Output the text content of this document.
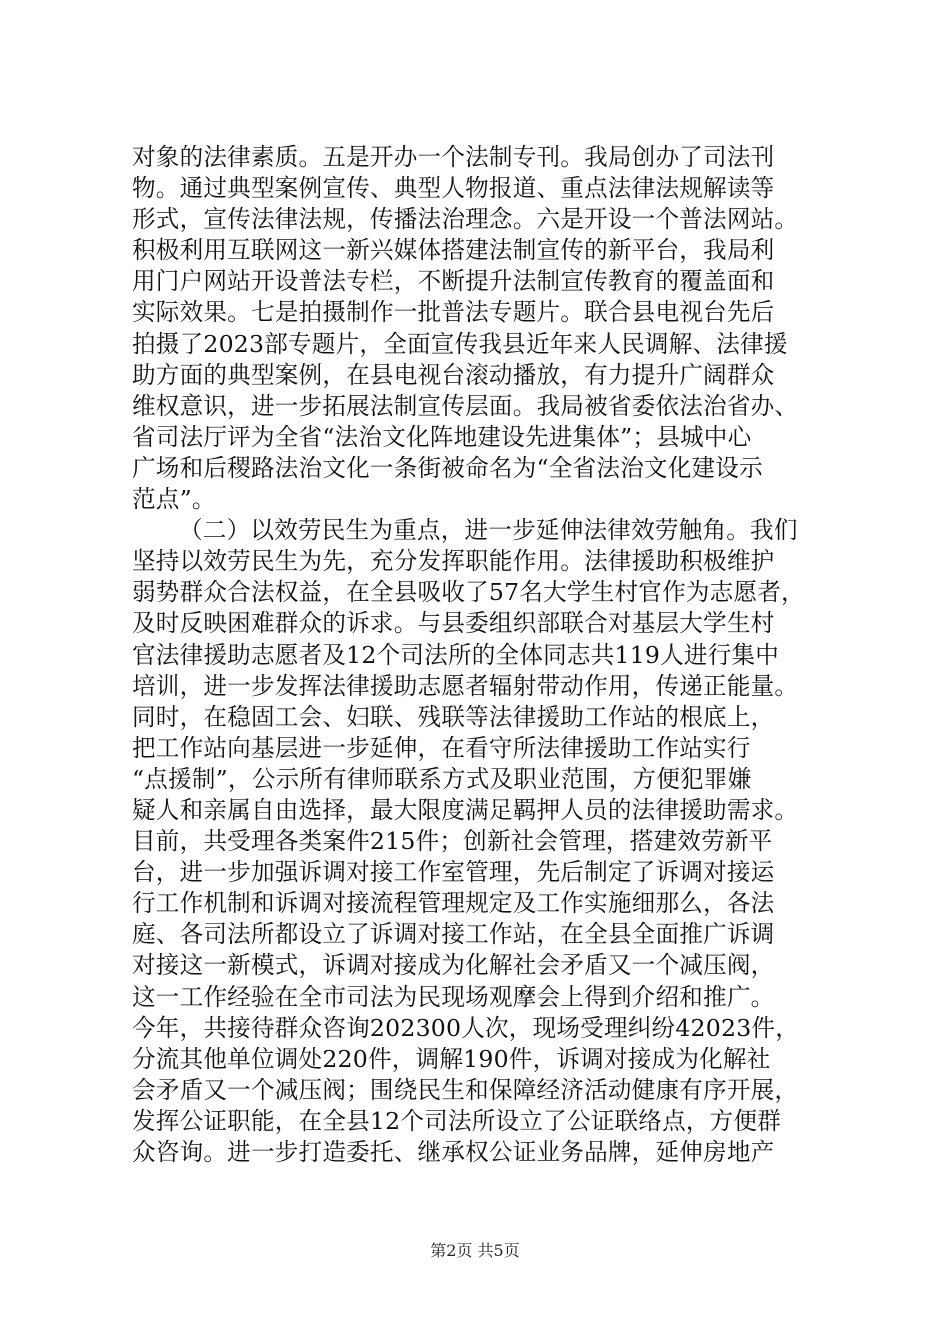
对象的法律素质。五是开办一个法制专刊。我局创办了司法刊
物。通过典型案例宣传、典型人物报道、重点法律法规解读等
形式，宣传法律法规，传播法治理念。六是开设一个普法网站。
积极利用互联网这一新兴媒体搭建法制宣传的新平台，我局利
用门户网站开设普法专栏，不断提升法制宣传教育的覆盖面和
实际效果。七是拍摄制作一批普法专题片。联合县电视台先后
拍摄了2023部专题片，全面宣传我县近年来人民调解、法律援
助方面的典型案例，在县电视台滚动播放，有力提升广阔群众
维权意识，进一步拓展法制宣传层面。我局被省委依法治省办、
省司法厅评为全省“法治文化阵地建设先进集体”；县城中心
广场和后稷路法治文化一条街被命名为“全省法治文化建设示
范点”。
（二）以效劳民生为重点，进一步延伸法律效劳触角。我们
坚持以效劳民生为先，充分发挥职能作用。法律援助积极维护
弱势群众合法权益，在全县吸收了57名大学生村官作为志愿者，
及时反映困难群众的诉求。与县委组织部联合对基层大学生村
官法律援助志愿者及12个司法所的全体同志共119人进行集中
培训，进一步发挥法律援助志愿者辐射带动作用，传递正能量。
同时，在稳固工会、妇联、残联等法律援助工作站的根底上，
把工作站向基层进一步延伸，在看守所法律援助工作站实行
“点援制”，公示所有律师联系方式及职业范围，方便犯罪嫌
疑人和亲属自由选择，最大限度满足羁押人员的法律援助需求。
目前，共受理各类案件215件；创新社会管理，搭建效劳新平
台，进一步加强诉调对接工作室管理，先后制定了诉调对接运
行工作机制和诉调对接流程管理规定及工作实施细那么，各法
庭、各司法所都设立了诉调对接工作站，在全县全面推广诉调
对接这一新模式，诉调对接成为化解社会矛盾又一个减压阀，
这一工作经验在全市司法为民现场观摩会上得到介绍和推广。
今年，共接待群众咨询202300人次，现场受理纠纷42023件，
分流其他单位调处220件，调解190件，诉调对接成为化解社
会矛盾又一个减压阀；围绕民生和保障经济活动健康有序开展，
发挥公证职能，在全县12个司法所设立了公证联络点，方便群
众咨询。进一步打造委托、继承权公证业务品牌，延伸房地产
第2页 共5页
